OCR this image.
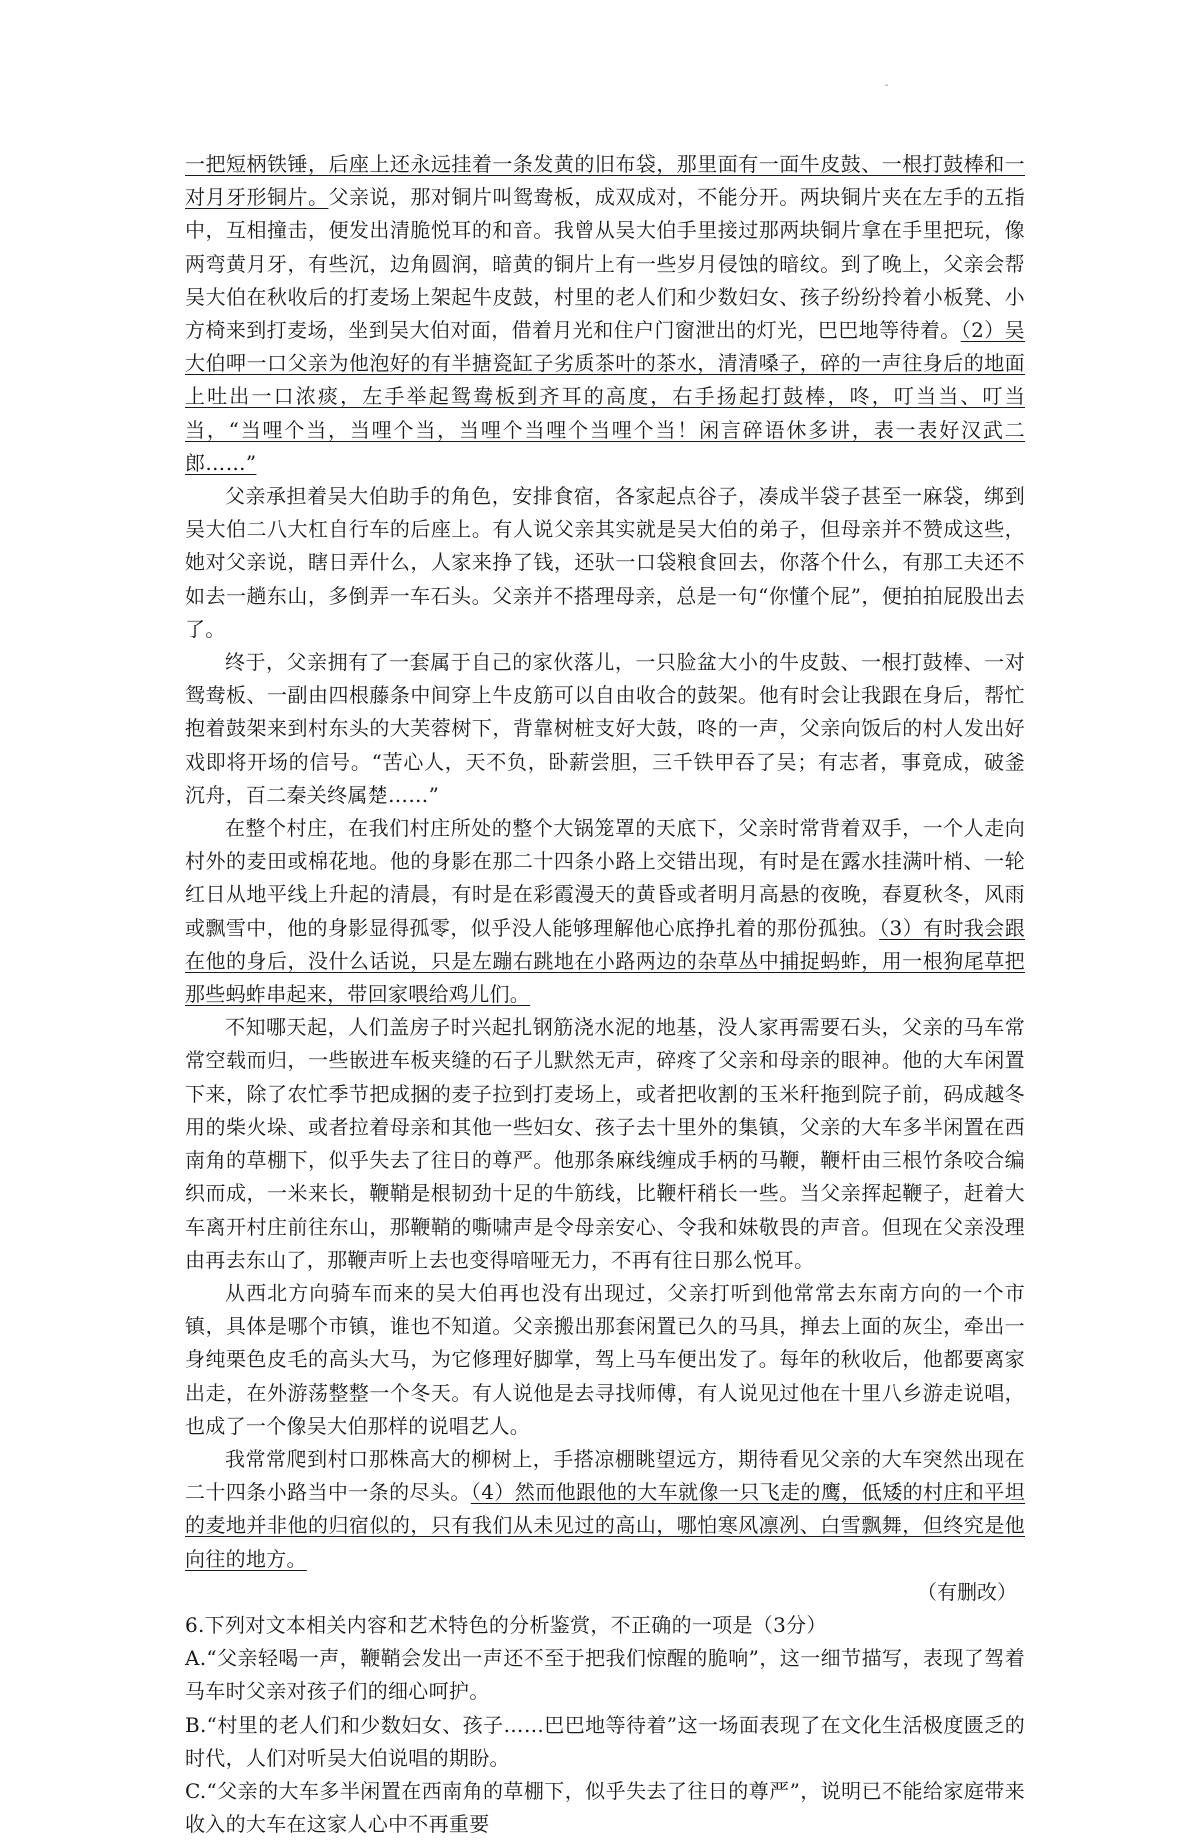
-

一把短柄铁锤，后座上还永远挂着一条发黄的旧布袋，那里面有一面牛皮鼓、一根打鼓棒和一对月牙形铜片。父亲说，那对铜片叫鸳鸯板，成双成对，不能分开。两块铜片夹在左手的五指中，互相撞击，便发出清脆悦耳的和音。我曾从吴大伯手里接过那两块铜片拿在手里把玩，像两弯黄月牙，有些沉，边角圆润，暗黄的铜片上有一些岁月侵蚀的暗纹。到了晚上，父亲会帮吴大伯在秋收后的打麦场上架起牛皮鼓，村里的老人们和少数妇女、孩子纷纷拎着小板凳、小方椅来到打麦场，坐到吴大伯对面，借着月光和住户门窗泄出的灯光，巴巴地等待着。（2）吴大伯呷一口父亲为他泡好的有半搪瓷缸子劣质茶叶的茶水，清清嗓子，碎的一声往身后的地面上吐出一口浓痰，左手举起鸳鸯板到齐耳的高度，右手扬起打鼓棒，咚，叮当当、叮当当，“当哩个当，当哩个当，当哩个当哩个当哩个当！闲言碎语休多讲，表一表好汉武二郎……”

父亲承担着吴大伯助手的角色，安排食宿，各家起点谷子，凑成半袋子甚至一麻袋，绑到吴大伯二八大杠自行车的后座上。有人说父亲其实就是吴大伯的弟子，但母亲并不赞成这些，她对父亲说，瞎日弄什么，人家来挣了钱，还驮一口袋粮食回去，你落个什么，有那工夫还不如去一趟东山，多倒弄一车石头。父亲并不搭理母亲，总是一句“你懂个屁”，便拍拍屁股出去了。

终于，父亲拥有了一套属于自己的家伙落儿，一只脸盆大小的牛皮鼓、一根打鼓棒、一对鸳鸯板、一副由四根藤条中间穿上牛皮筋可以自由收合的鼓架。他有时会让我跟在身后，帮忙抱着鼓架来到村东头的大芙蓉树下，背靠树桩支好大鼓，咚的一声，父亲向饭后的村人发出好戏即将开场的信号。“苦心人，天不负，卧薪尝胆，三千铁甲吞了吴；有志者，事竟成，破釜沉舟，百二秦关终属楚……”

在整个村庄，在我们村庄所处的整个大锅笼罩的天底下，父亲时常背着双手，一个人走向村外的麦田或棉花地。他的身影在那二十四条小路上交错出现，有时是在露水挂满叶梢、一轮红日从地平线上升起的清晨，有时是在彩霞漫天的黄昏或者明月高悬的夜晚，春夏秋冬，风雨或飘雪中，他的身影显得孤零，似乎没人能够理解他心底挣扎着的那份孤独。（3）有时我会跟在他的身后，没什么话说，只是左蹦右跳地在小路两边的杂草丛中捕捉蚂蚱，用一根狗尾草把那些蚂蚱串起来，带回家喂给鸡儿们。

不知哪天起，人们盖房子时兴起扎钢筋浇水泥的地基，没人家再需要石头，父亲的马车常常空载而归，一些嵌进车板夹缝的石子儿默然无声，碎疼了父亲和母亲的眼神。他的大车闲置下来，除了农忙季节把成捆的麦子拉到打麦场上，或者把收割的玉米秆拖到院子前，码成越冬用的柴火垛、或者拉着母亲和其他一些妇女、孩子去十里外的集镇，父亲的大车多半闲置在西南角的草棚下，似乎失去了往日的尊严。他那条麻线缠成手柄的马鞭，鞭杆由三根竹条咬合编织而成，一米来长，鞭鞘是根韧劲十足的牛筋线，比鞭杆稍长一些。当父亲挥起鞭子，赶着大车离开村庄前往东山，那鞭鞘的嘶啸声是令母亲安心、令我和妹敬畏的声音。但现在父亲没理由再去东山了，那鞭声听上去也变得喑哑无力，不再有往日那么悦耳。

从西北方向骑车而来的吴大伯再也没有出现过，父亲打听到他常常去东南方向的一个市镇，具体是哪个市镇，谁也不知道。父亲搬出那套闲置已久的马具，掸去上面的灰尘，牵出一身纯栗色皮毛的高头大马，为它修理好脚掌，驾上马车便出发了。每年的秋收后，他都要离家出走，在外游荡整整一个冬天。有人说他是去寻找师傅，有人说见过他在十里八乡游走说唱，也成了一个像吴大伯那样的说唱艺人。

我常常爬到村口那株高大的柳树上，手搭凉棚眺望远方，期待看见父亲的大车突然出现在二十四条小路当中一条的尽头。（4）然而他跟他的大车就像一只飞走的鹰，低矮的村庄和平坦的麦地并非他的归宿似的，只有我们从未见过的高山，哪怕寒风凛冽、白雪飘舞，但终究是他向往的地方。

（有删改）

6.下列对文本相关内容和艺术特色的分析鉴赏，不正确的一项是（3分）

A.“父亲轻喝一声，鞭鞘会发出一声还不至于把我们惊醒的脆响”，这一细节描写，表现了驾着马车时父亲对孩子们的细心呵护。

B.“村里的老人们和少数妇女、孩子……巴巴地等待着”这一场面表现了在文化生活极度匮乏的时代，人们对听吴大伯说唱的期盼。

C.“父亲的大车多半闲置在西南角的草棚下，似乎失去了往日的尊严”，说明已不能给家庭带来收入的大车在这家人心中不再重要
